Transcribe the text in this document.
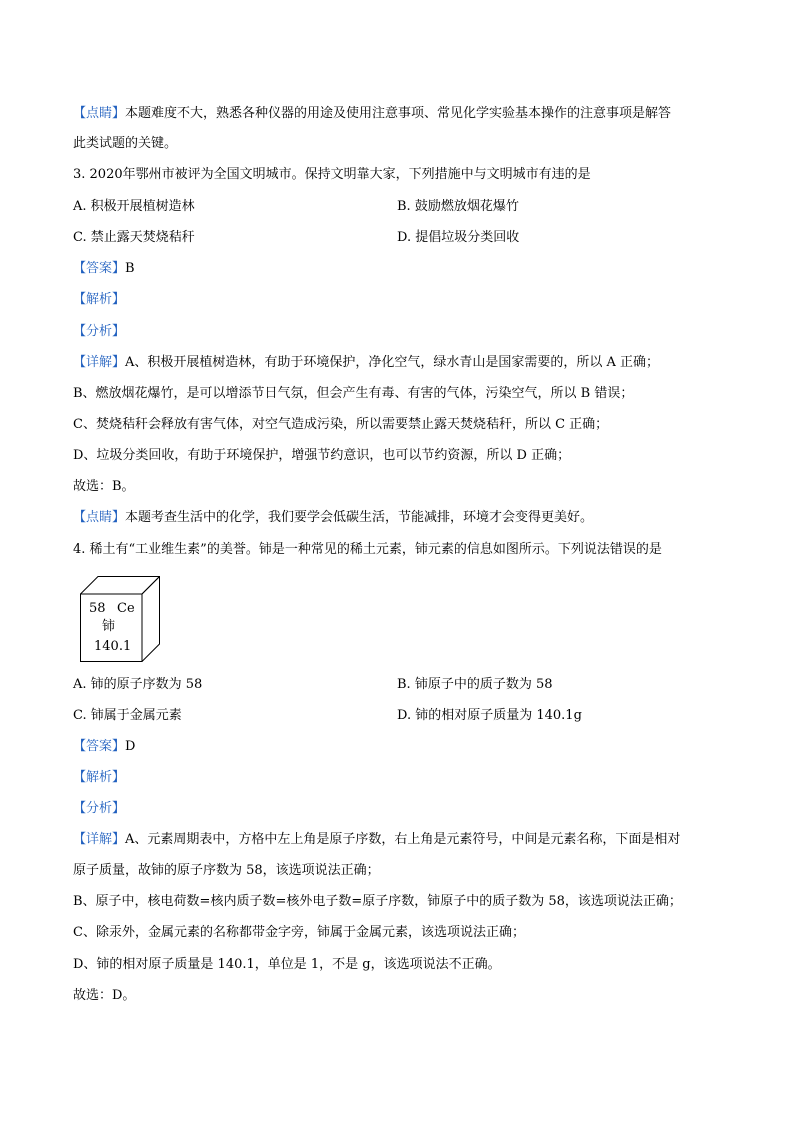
【点睛】本题难度不大，熟悉各种仪器的用途及使用注意事项、常见化学实验基本操作的注意事项是解答
此类试题的关键。
3. 2020年鄂州市被评为全国文明城市。保持文明靠大家，下列措施中与文明城市有违的是
A. 积极开展植树造林	B. 鼓励燃放烟花爆竹
C. 禁止露天焚烧秸秆	D. 提倡垃圾分类回收
【答案】B
【解析】
【分析】
【详解】A、积极开展植树造林，有助于环境保护，净化空气，绿水青山是国家需要的，所以 A 正确；
B、燃放烟花爆竹，是可以增添节日气氛，但会产生有毒、有害的气体，污染空气，所以 B 错误；
C、焚烧秸秆会释放有害气体，对空气造成污染，所以需要禁止露天焚烧秸秆，所以 C 正确；
D、垃圾分类回收，有助于环境保护，增强节约意识，也可以节约资源，所以 D 正确；
故选：B。
【点睛】本题考查生活中的化学，我们要学会低碳生活，节能减排，环境才会变得更美好。
4. 稀土有“工业维生素”的美誉。铈是一种常见的稀土元素，铈元素的信息如图所示。下列说法错误的是
58 Ce
铈
140.1
A. 铈的原子序数为 58	B. 铈原子中的质子数为 58
C. 铈属于金属元素	D. 铈的相对原子质量为 140.1g
【答案】D
【解析】
【分析】
【详解】A、元素周期表中，方格中左上角是原子序数，右上角是元素符号，中间是元素名称，下面是相对
原子质量，故铈的原子序数为 58，该选项说法正确；
B、原子中，核电荷数=核内质子数=核外电子数=原子序数，铈原子中的质子数为 58，该选项说法正确；
C、除汞外，金属元素的名称都带金字旁，铈属于金属元素，该选项说法正确；
D、铈的相对原子质量是 140.1，单位是 1，不是 g，该选项说法不正确。
故选：D。
